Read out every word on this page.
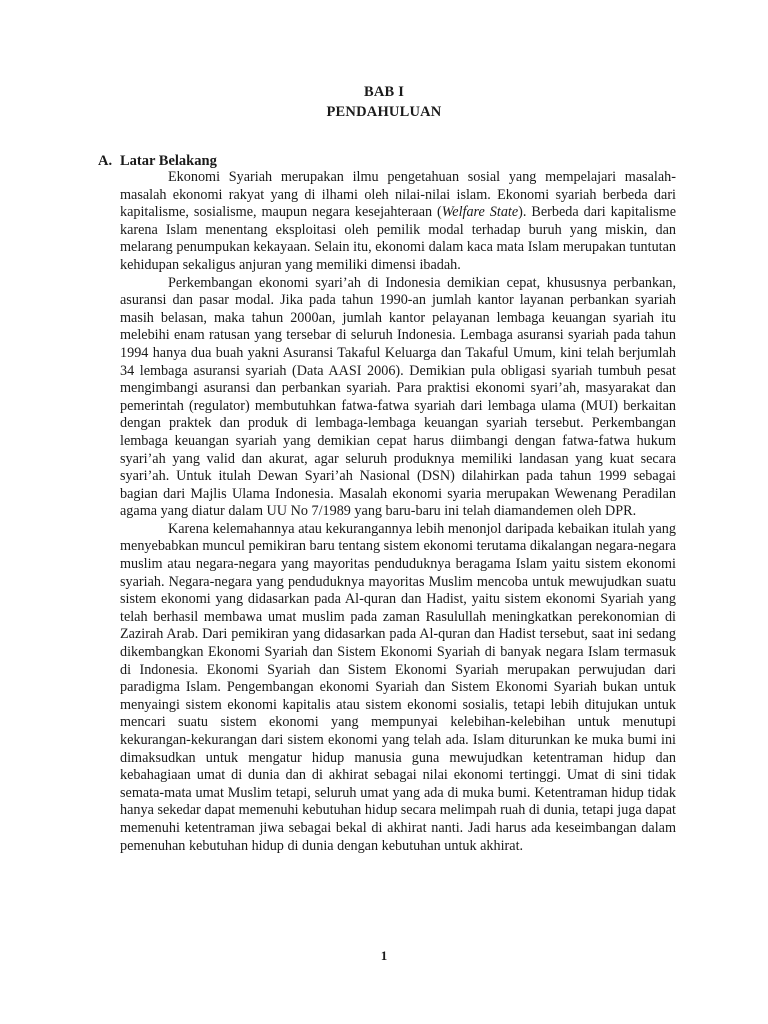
BAB I
PENDAHULUAN
A. Latar Belakang

Ekonomi Syariah merupakan ilmu pengetahuan sosial yang mempelajari masalah-masalah ekonomi rakyat yang di ilhami oleh nilai-nilai islam. Ekonomi syariah berbeda dari kapitalisme, sosialisme, maupun negara kesejahteraan (Welfare State). Berbeda dari kapitalisme karena Islam menentang eksploitasi oleh pemilik modal terhadap buruh yang miskin, dan melarang penumpukan kekayaan. Selain itu, ekonomi dalam kaca mata Islam merupakan tuntutan kehidupan sekaligus anjuran yang memiliki dimensi ibadah.

Perkembangan ekonomi syari’ah di Indonesia demikian cepat, khususnya perbankan, asuransi dan pasar modal. Jika pada tahun 1990-an jumlah kantor layanan perbankan syariah masih belasan, maka tahun 2000an, jumlah kantor pelayanan lembaga keuangan syariah itu melebihi enam ratusan yang tersebar di seluruh Indonesia. Lembaga asuransi syariah pada tahun 1994 hanya dua buah yakni Asuransi Takaful Keluarga dan Takaful Umum, kini telah berjumlah 34 lembaga asuransi syariah (Data AASI 2006). Demikian pula obligasi syariah tumbuh pesat mengimbangi asuransi dan perbankan syariah. Para praktisi ekonomi syari’ah, masyarakat dan pemerintah (regulator) membutuhkan fatwa-fatwa syariah dari lembaga ulama (MUI) berkaitan dengan praktek dan produk di lembaga-lembaga keuangan syariah tersebut. Perkembangan lembaga keuangan syariah yang demikian cepat harus diimbangi dengan fatwa-fatwa hukum syari’ah yang valid dan akurat, agar seluruh produknya memiliki landasan yang kuat secara syari’ah. Untuk itulah Dewan Syari’ah Nasional (DSN) dilahirkan pada tahun 1999 sebagai bagian dari Majlis Ulama Indonesia. Masalah ekonomi syaria merupakan Wewenang Peradilan agama yang diatur dalam UU No 7/1989 yang baru-baru ini telah diamandemen oleh DPR.

Karena kelemahannya atau kekurangannya lebih menonjol daripada kebaikan itulah yang menyebabkan muncul pemikiran baru tentang sistem ekonomi terutama dikalangan negara-negara muslim atau negara-negara yang mayoritas penduduknya beragama Islam yaitu sistem ekonomi syariah. Negara-negara yang penduduknya mayoritas Muslim mencoba untuk mewujudkan suatu sistem ekonomi yang didasarkan pada Al-quran dan Hadist, yaitu sistem ekonomi Syariah yang telah berhasil membawa umat muslim pada zaman Rasulullah meningkatkan perekonomian di Zazirah Arab. Dari pemikiran yang didasarkan pada Al-quran dan Hadist tersebut, saat ini sedang dikembangkan Ekonomi Syariah dan Sistem Ekonomi Syariah di banyak negara Islam termasuk di Indonesia. Ekonomi Syariah dan Sistem Ekonomi Syariah merupakan perwujudan dari paradigma Islam. Pengembangan ekonomi Syariah dan Sistem Ekonomi Syariah bukan untuk menyaingi sistem ekonomi kapitalis atau sistem ekonomi sosialis, tetapi lebih ditujukan untuk mencari suatu sistem ekonomi yang mempunyai kelebihan-kelebihan untuk menutupi kekurangan-kekurangan dari sistem ekonomi yang telah ada. Islam diturunkan ke muka bumi ini dimaksudkan untuk mengatur hidup manusia guna mewujudkan ketentraman hidup dan kebahagiaan umat di dunia dan di akhirat sebagai nilai ekonomi tertinggi. Umat di sini tidak semata-mata umat Muslim tetapi, seluruh umat yang ada di muka bumi. Ketentraman hidup tidak hanya sekedar dapat memenuhi kebutuhan hidup secara melimpah ruah di dunia, tetapi juga dapat memenuhi ketentraman jiwa sebagai bekal di akhirat nanti. Jadi harus ada keseimbangan dalam pemenuhan kebutuhan hidup di dunia dengan kebutuhan untuk akhirat.

1
